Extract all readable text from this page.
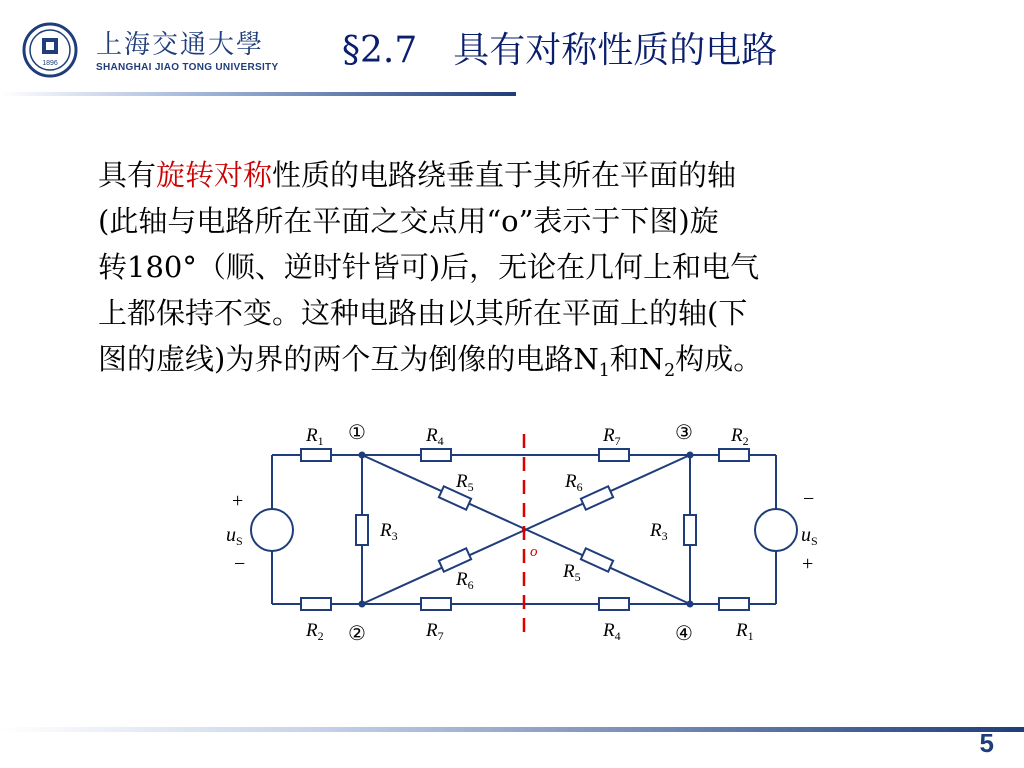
1896
上海交通大學
SHANGHAI JIAO TONG UNIVERSITY §2.7　具有对称性质的电路
具有旋转对称性质的电路绕垂直于其所在平面的轴
(此轴与电路所在平面之交点用“o”表示于下图)旋
转180°（顺、逆时针皆可)后，无论在几何上和电气
上都保持不变。这种电路由以其所在平面上的轴(下
图的虚线)为界的两个互为倒像的电路$N_1$和$N_2$构成。
o
①
②
③
④
$R_1$	$R_4$	$R_7$	$R_2$
$R_2$	$R_7$	$R_4$	$R_1$
$R_3$	$R_3$
$R_5$	$R_6$
$R_6$
$R_5$
+
$u_S$
−
−
$u_S$
+
5
